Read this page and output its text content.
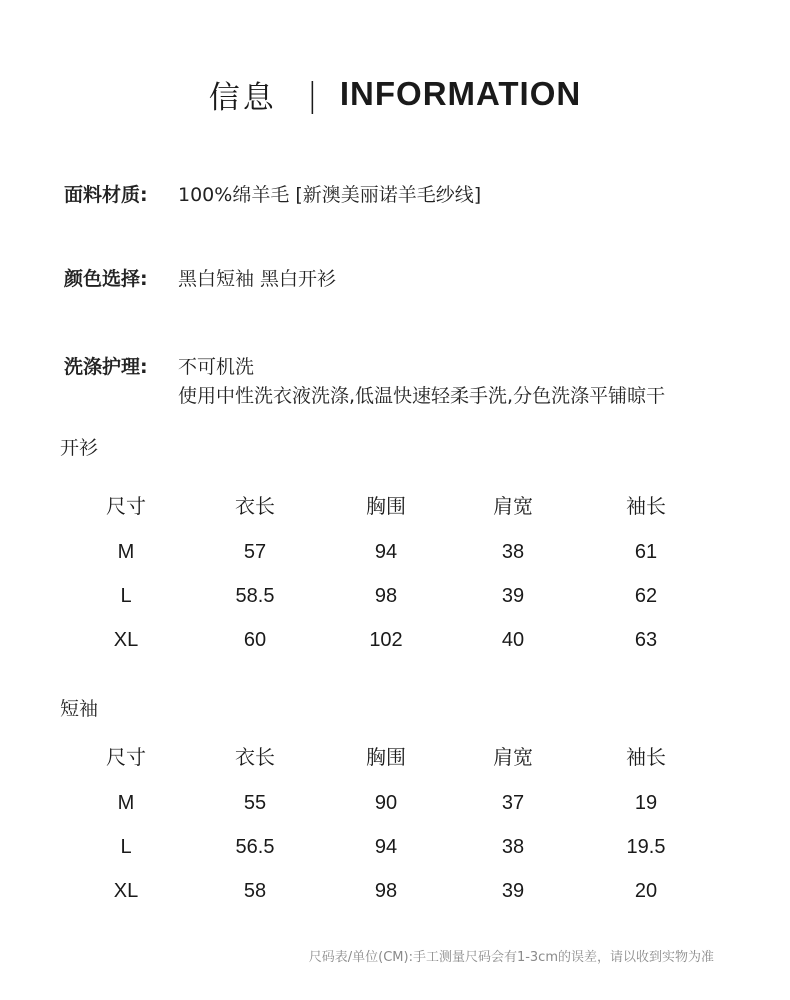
信息 | INFORMATION
面料材质:	100%绵羊毛 [新澳美丽诺羊毛纱线]
颜色选择:	黑白短袖 黑白开衫
洗涤护理:	不可机洗
使用中性洗衣液洗涤,低温快速轻柔手洗,分色洗涤平铺晾干
开衫
尺寸	衣长	胸围	肩宽	袖长
M	57	94	38	61
L	58.5	98	39	62
XL	60	102	40	63
短袖
尺寸	衣长	胸围	肩宽	袖长
M	55	90	37	19
L	56.5	94	38	19.5
XL	58	98	39	20
尺码表/单位(CM):手工测量尺码会有1-3cm的误差，请以收到实物为准
